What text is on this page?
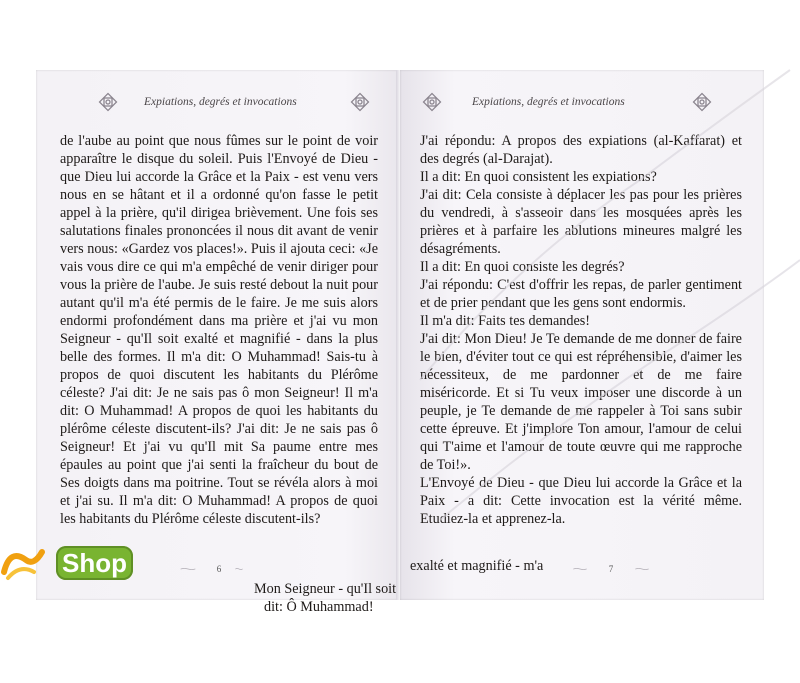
Expiations, degrés et invocations

de l'aube au point que nous fûmes sur le point de voir apparaître le disque du soleil. Puis l'Envoyé de Dieu - que Dieu lui accorde la Grâce et la Paix - est venu vers nous en se hâtant et il a ordonné qu'on fasse le petit appel à la prière, qu'il dirigea brièvement. Une fois ses salutations finales prononcées il nous dit avant de venir vers nous: «Gardez vos places!». Puis il ajouta ceci: «Je vais vous dire ce qui m'a empêché de venir diriger pour vous la prière de l'aube. Je suis resté debout la nuit pour autant qu'il m'a été permis de le faire. Je me suis alors endormi profondément dans ma prière et j'ai vu mon Seigneur - qu'Il soit exalté et magnifié - dans la plus belle des formes. Il m'a dit: O Muhammad! Sais-tu à propos de quoi discutent les habitants du Plérôme céleste? J'ai dit: Je ne sais pas ô mon Seigneur! Il m'a dit: O Muhammad! A propos de quoi les habitants du plérôme céleste discutent-ils? J'ai dit: Je ne sais pas ô Seigneur! Et j'ai vu qu'Il mit Sa paume entre mes épaules au point que j'ai senti la fraîcheur du bout de Ses doigts dans ma poitrine. Tout se révéla alors à moi et j'ai su. Il m'a dit: O Muhammad! A propos de quoi les habitants du Plérôme céleste discutent-ils?

6
Expiations, degrés et invocations

J'ai répondu: A propos des expiations (al-Kaffarat) et des degrés (al-Darajat).

Il a dit: En quoi consistent les expiations?

J'ai dit: Cela consiste à déplacer les pas pour les prières du vendredi, à s'asseoir dans les mosquées après les prières et à parfaire les ablutions mineures malgré les désagréments.

Il a dit: En quoi consiste les degrés?

J'ai répondu: C'est d'offrir les repas, de parler gentiment et de prier pendant que les gens sont endormis.

Il m'a dit: Faits tes demandes!

J'ai dit: Mon Dieu! Je Te demande de me donner de faire le bien, d'éviter tout ce qui est répréhensible, d'aimer les nécessiteux, de me pardonner et de me faire miséricorde. Et si Tu veux imposer une discorde à un peuple, je Te demande de me rappeler à Toi sans subir cette épreuve. Et j'implore Ton amour, l'amour de celui qui T'aime et l'amour de toute œuvre qui me rapproche de Toi!».

L'Envoyé de Dieu - que Dieu lui accorde la Grâce et la Paix - a dit: Cette invocation est la vérité même. Etudiez-la et apprenez-la.

exalté et magnifié - m'a	7
Mon Seigneur - qu'Il soit
dit: Ô Muhammad!
Shop
